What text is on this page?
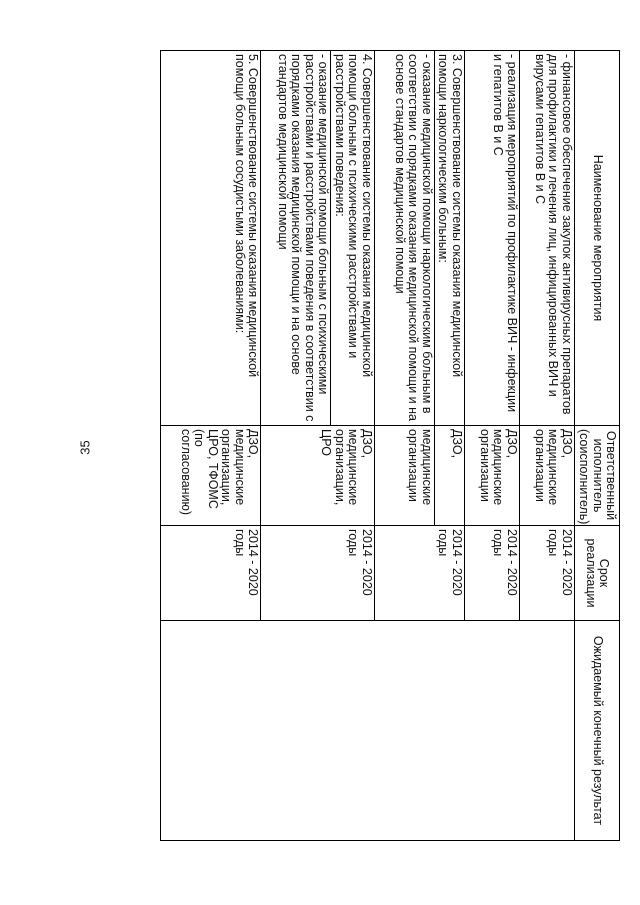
35
Наименование мероприятия	Ответственный исполнитель (соисполнитель)	Срок реализации	Ожидаемый конечный результат
- финансовое обеспечение закупок антивирусных препаратов для профилактики и лечения лиц, инфицированных ВИЧ и вирусами гепатитов В и С	ДЗО, медицинские организации	2014 - 2020 годы	
- реализация мероприятий по профилактике ВИЧ - инфекции и гепатитов В и С	ДЗО, медицинские организации	2014 - 2020 годы	
3. Совершенствование системы оказания медицинской помощи наркологическим больным:	ДЗО,	2014 - 2020 годы	
- оказание медицинской помощи наркологическим больным в соответствии с порядками оказания медицинской помощи и на основе стандартов медицинской помощи	медицинские организации		
4. Совершенствование системы оказания медицинской помощи больным с психическими расстройствами и расстройствами поведения:	ДЗО, медицинские организации, ЦРО	2014 - 2020 годы	
- оказание медицинской помощи больным с психическими расстройствами и расстройствами поведения в соответствии с порядками оказания медицинской помощи и на основе стандартов медицинской помощи			
5. Совершенствование системы оказания медицинской помощи больным сосудистыми заболеваниями:	ДЗО, медицинские организации, ЦРО, ТФОМС (по согласованию)	2014 - 2020 годы	
